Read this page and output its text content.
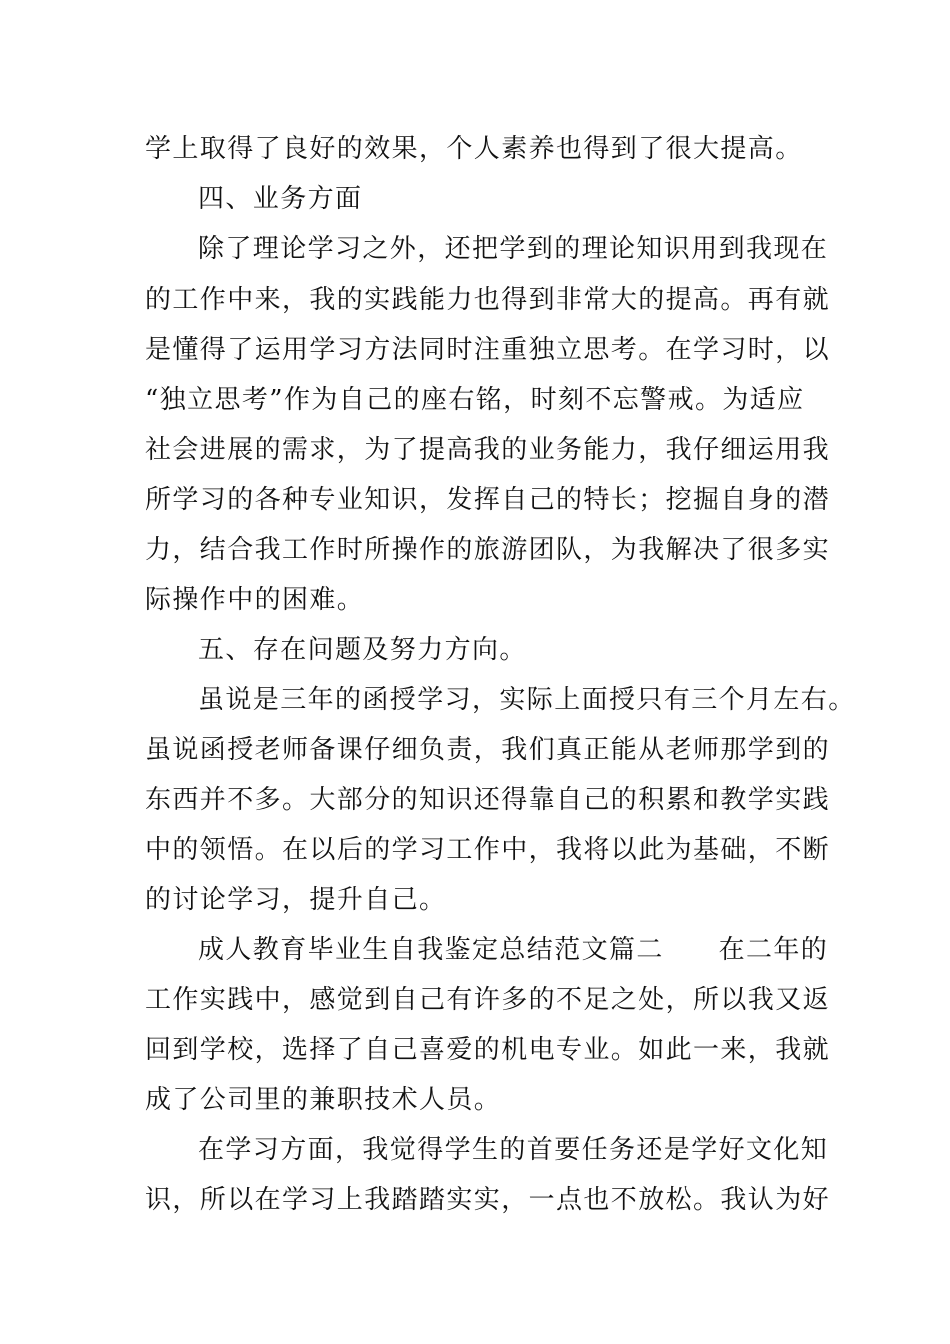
学上取得了良好的效果，个人素养也得到了很大提高。
四、业务方面
除了理论学习之外，还把学到的理论知识用到我现在
的工作中来，我的实践能力也得到非常大的提高。再有就
是懂得了运用学习方法同时注重独立思考。在学习时，以
“独立思考”作为自己的座右铭，时刻不忘警戒。为适应
社会进展的需求，为了提高我的业务能力，我仔细运用我
所学习的各种专业知识，发挥自己的特长；挖掘自身的潜
力，结合我工作时所操作的旅游团队，为我解决了很多实
际操作中的困难。
五、存在问题及努力方向。
虽说是三年的函授学习，实际上面授只有三个月左右。
虽说函授老师备课仔细负责，我们真正能从老师那学到的
东西并不多。大部分的知识还得靠自己的积累和教学实践
中的领悟。在以后的学习工作中，我将以此为基础，不断
的讨论学习，提升自己。
成人教育毕业生自我鉴定总结范文篇二　　在二年的
工作实践中，感觉到自己有许多的不足之处，所以我又返
回到学校，选择了自己喜爱的机电专业。如此一来，我就
成了公司里的兼职技术人员。
在学习方面，我觉得学生的首要任务还是学好文化知
识，所以在学习上我踏踏实实，一点也不放松。我认为好
